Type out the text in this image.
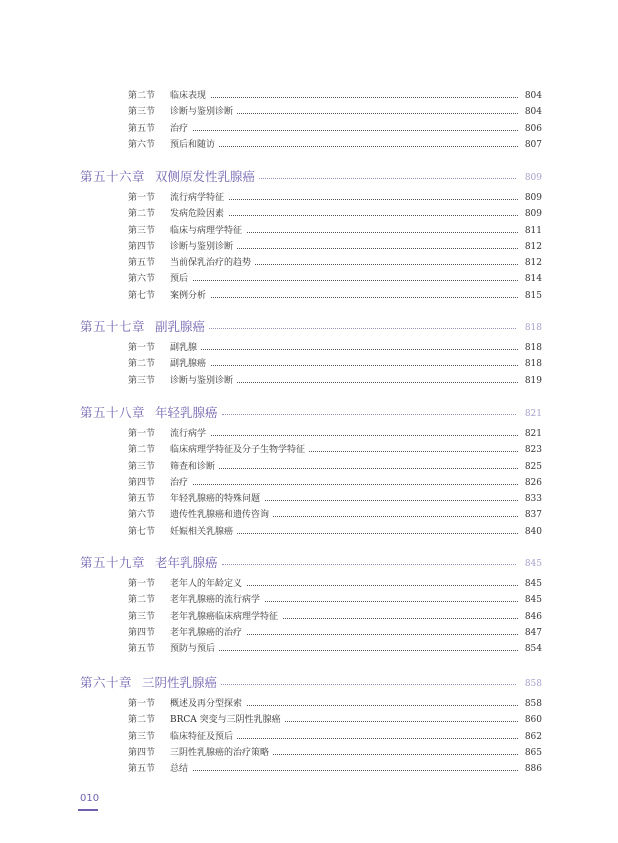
第二节 临床表现	804
第三节 诊断与鉴别诊断	804
第五节 治疗	806
第六节 预后和随访	807
第五十六章 双侧原发性乳腺癌	809
第一节 流行病学特征	809
第二节 发病危险因素	809
第三节 临床与病理学特征	811
第四节 诊断与鉴别诊断	812
第五节 当前保乳治疗的趋势	812
第六节 预后	814
第七节 案例分析	815
第五十七章 副乳腺癌	818
第一节 副乳腺	818
第二节 副乳腺癌	818
第三节 诊断与鉴别诊断	819
第五十八章 年轻乳腺癌	821
第一节 流行病学	821
第二节 临床病理学特征及分子生物学特征	823
第三节 筛查和诊断	825
第四节 治疗	826
第五节 年轻乳腺癌的特殊问题	833
第六节 遗传性乳腺癌和遗传咨询	837
第七节 妊娠相关乳腺癌	840
第五十九章 老年乳腺癌	845
第一节 老年人的年龄定义	845
第二节 老年乳腺癌的流行病学	845
第三节 老年乳腺癌临床病理学特征	846
第四节 老年乳腺癌的治疗	847
第五节 预防与预后	854
第六十章 三阴性乳腺癌	858
第一节 概述及再分型探索	858
第二节 BRCA 突变与三阴性乳腺癌	860
第三节 临床特征及预后	862
第四节 三阴性乳腺癌的治疗策略	865
第五节 总结	886
010
